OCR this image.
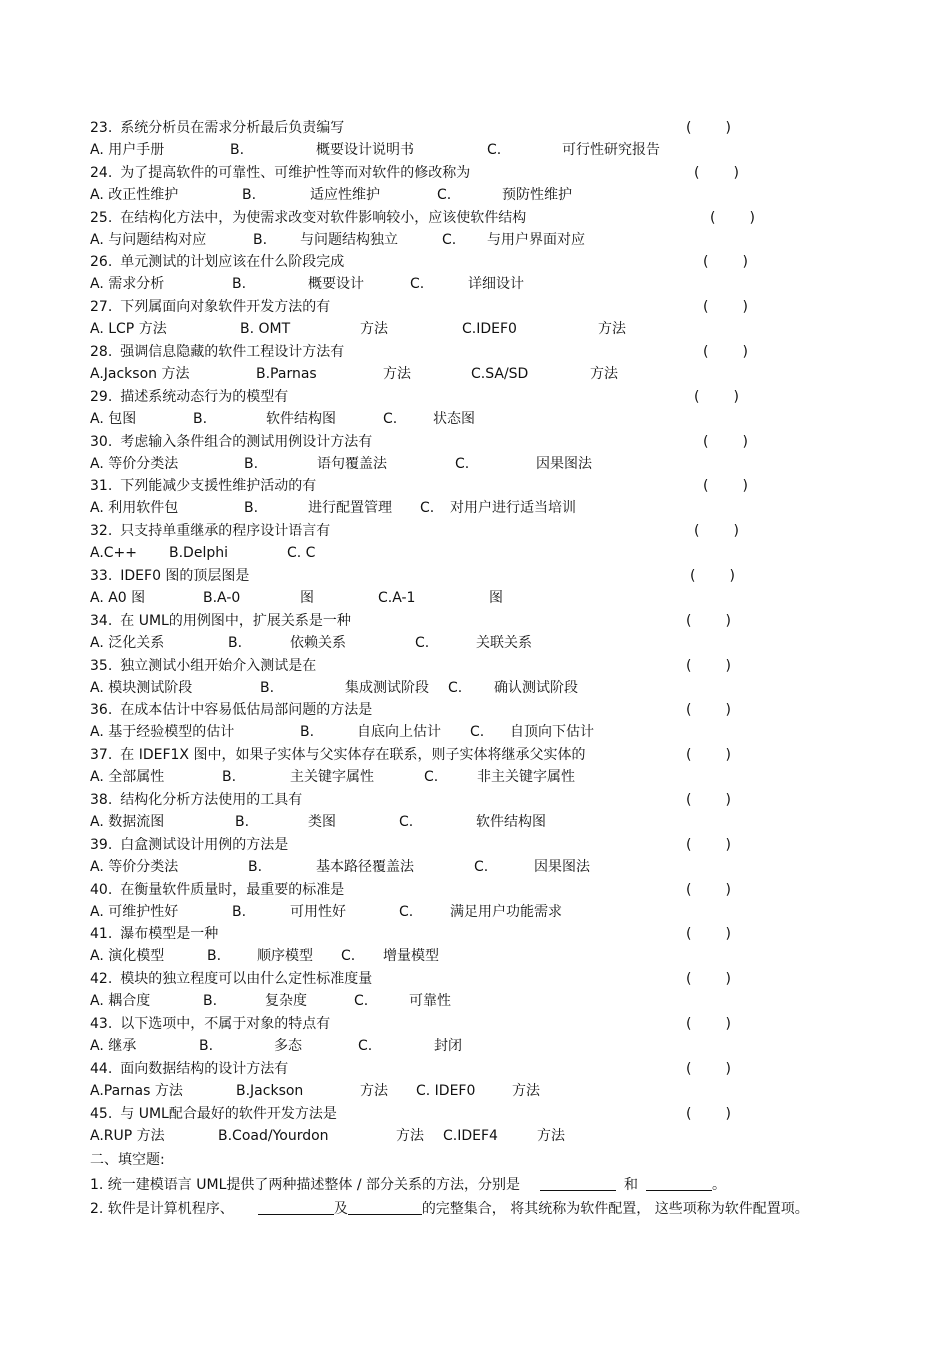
23. 系统分析员在需求分析最后负责编写	( )
A. 用户手册	B.	概要设计说明书	C.	可行性研究报告
24. 为了提高软件的可靠性、可维护性等而对软件的修改称为	( )
A. 改正性维护	B.	适应性维护	C.	预防性维护
25. 在结构化方法中，为使需求改变对软件影响较小，应该使软件结构	( )
A. 与问题结构对应	B. 与问题结构独立	C. 与用户界面对应
26. 单元测试的计划应该在什么阶段完成	( )
A. 需求分析	B.	概要设计	C.	详细设计
27. 下列属面向对象软件开发方法的有	( )
A. LCP 方法	B. OMT	方法	C.IDEF0	方法
28. 强调信息隐藏的软件工程设计方法有	( )
A.Jackson 方法	B.Parnas	方法	C.SA/SD	方法
29. 描述系统动态行为的模型有	( )
A. 包图	B.	软件结构图	C.	状态图
30. 考虑输入条件组合的测试用例设计方法有	( )
A. 等价分类法	B.	语句覆盖法	C.	因果图法
31. 下列能减少支援性维护活动的有	( )
A. 利用软件包	B.	进行配置管理 C. 对用户进行适当培训
32. 只支持单重继承的程序设计语言有	( )
A.C++ B.Delphi	C. C
33. IDEF0 图的顶层图是	( )
A. A0 图	B.A-0	图	C.A-1	图
34. 在 UML的用例图中，扩展关系是一种	( )
A. 泛化关系	B.	依赖关系	C.	关联关系
35. 独立测试小组开始介入测试是在	( )
A. 模块测试阶段	B.	集成测试阶段 C. 确认测试阶段
36. 在成本估计中容易低估局部问题的方法是	( )
A. 基于经验模型的估计	B.	自底向上估计 C. 自顶向下估计
37. 在 IDEF1X 图中，如果子实体与父实体存在联系，则子实体将继承父实体的	( )
A. 全部属性	B.	主关键字属性	C.	非主关键字属性
38. 结构化分析方法使用的工具有	( )
A. 数据流图	B.	类图	C.	软件结构图
39. 白盒测试设计用例的方法是	( )
A. 等价分类法	B.	基本路径覆盖法	C.	因果图法
40. 在衡量软件质量时，最重要的标准是	( )
A. 可维护性好	B.	可用性好	C.	满足用户功能需求
41. 瀑布模型是一种	( )
A. 演化模型	B.	顺序模型 C. 增量模型
42. 模块的独立程度可以由什么定性标准度量	( )
A. 耦合度	B.	复杂度	C.	可靠性
43. 以下选项中，不属于对象的特点有	( )
A. 继承	B.	多态	C.	封闭
44. 面向数据结构的设计方法有	( )
A.Parnas 方法	B.Jackson	方法 C. IDEF0	方法
45. 与 UML配合最好的软件开发方法是	( )
A.RUP 方法	B.Coad/Yourdon	方法 C.IDEF4	方法
二、填空题:
1. 统一建模语言 UML提供了两种描述整体 / 部分关系的方法，分别是	和	。
2. 软件是计算机程序、	及	的完整集合， 将其统称为软件配置， 这些项称为软件配置项。
